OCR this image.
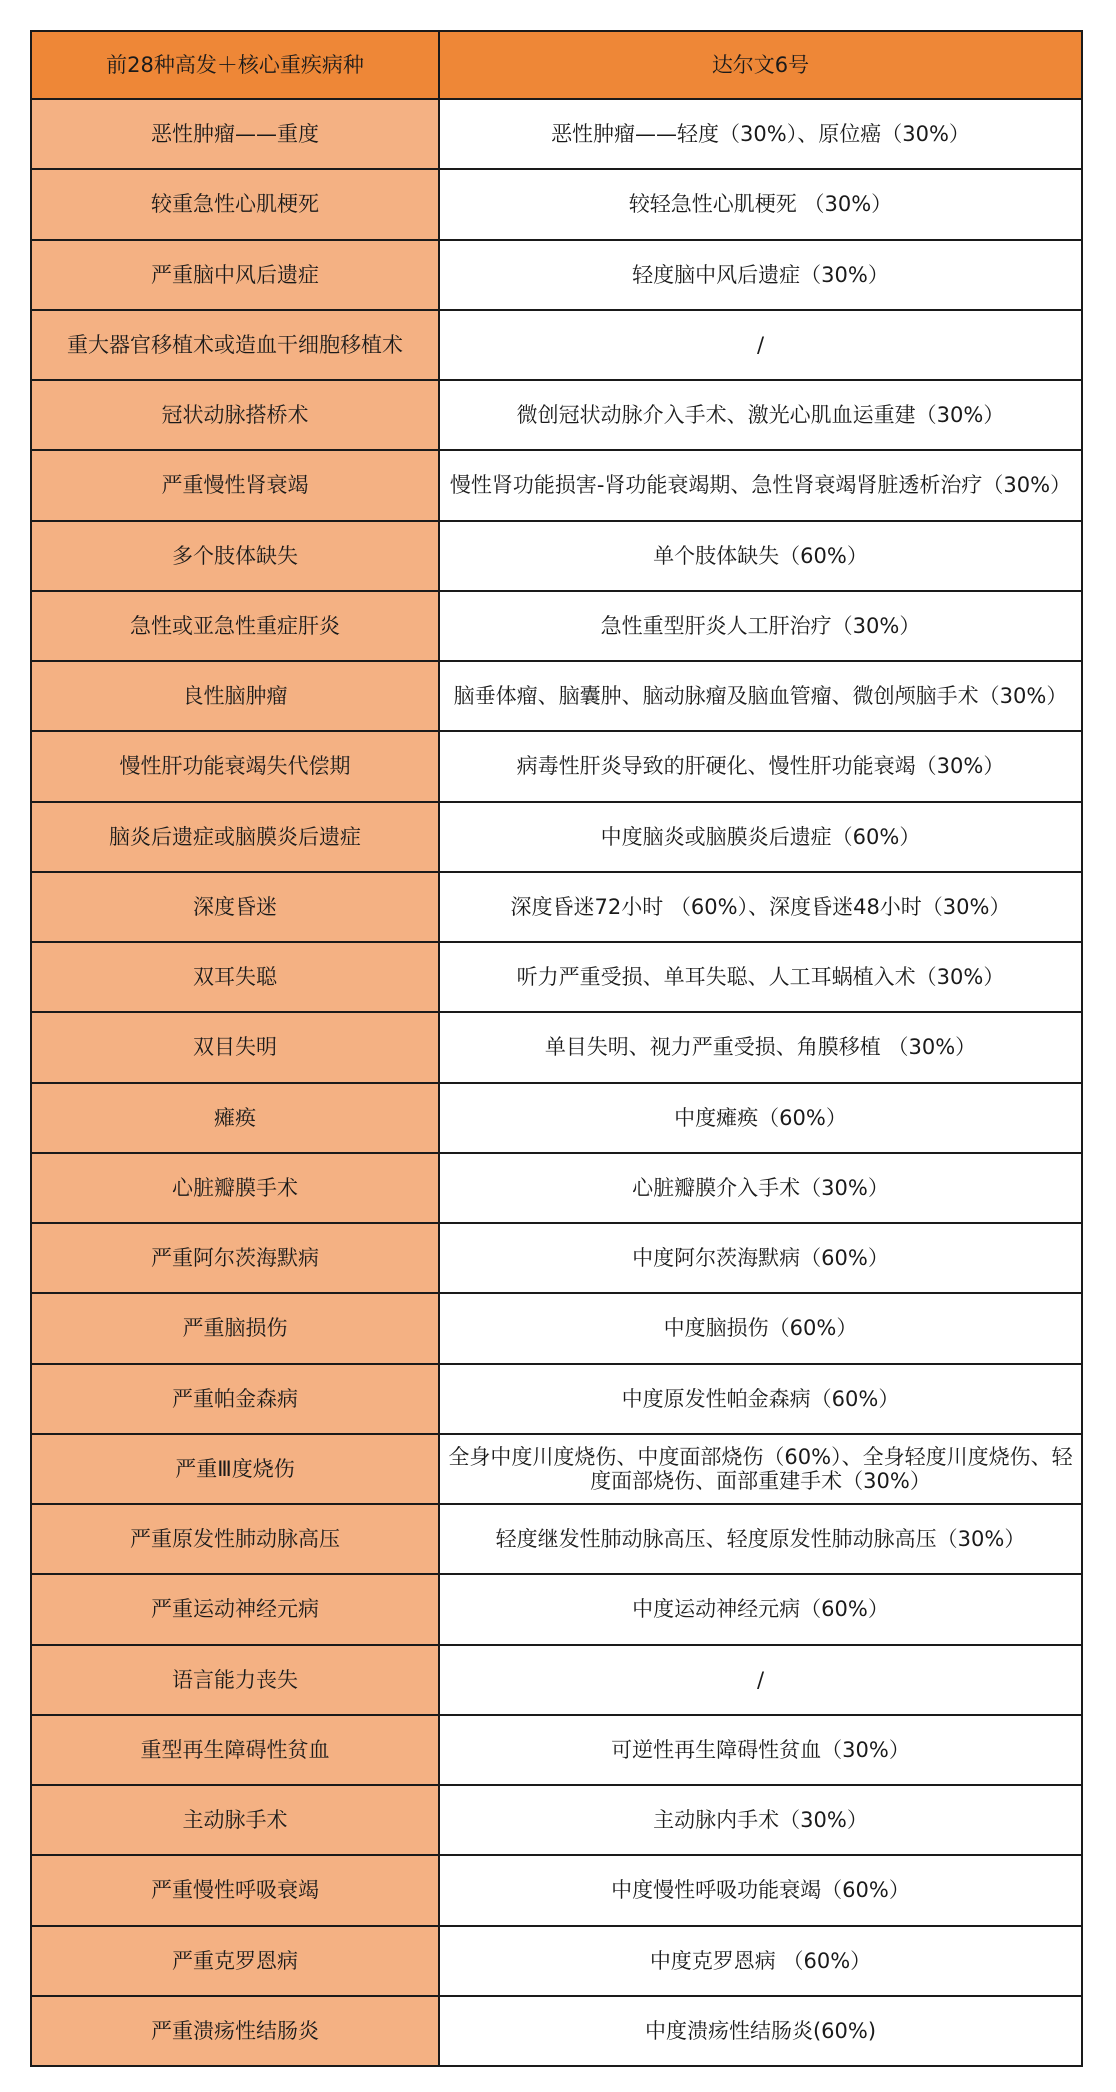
前28种高发＋核心重疾病种	达尔文6号
恶性肿瘤——重度	恶性肿瘤——轻度（30%）、原位癌（30%）
较重急性心肌梗死	较轻急性心肌梗死 （30%）
严重脑中风后遗症	轻度脑中风后遗症（30%）
重大器官移植术或造血干细胞移植术	/
冠状动脉搭桥术	微创冠状动脉介入手术、激光心肌血运重建（30%）
严重慢性肾衰竭	慢性肾功能损害-肾功能衰竭期、急性肾衰竭肾脏透析治疗（30%）
多个肢体缺失	单个肢体缺失（60%）
急性或亚急性重症肝炎	急性重型肝炎人工肝治疗（30%）
良性脑肿瘤	脑垂体瘤、脑囊肿、脑动脉瘤及脑血管瘤、微创颅脑手术（30%）
慢性肝功能衰竭失代偿期	病毒性肝炎导致的肝硬化、慢性肝功能衰竭（30%）
脑炎后遗症或脑膜炎后遗症	中度脑炎或脑膜炎后遗症（60%）
深度昏迷	深度昏迷72小时 （60%）、深度昏迷48小时（30%）
双耳失聪	听力严重受损、单耳失聪、人工耳蜗植入术（30%）
双目失明	单目失明、视力严重受损、角膜移植 （30%）
瘫痪	中度瘫痪（60%）
心脏瓣膜手术	心脏瓣膜介入手术（30%）
严重阿尔茨海默病	中度阿尔茨海默病（60%）
严重脑损伤	中度脑损伤（60%）
严重帕金森病	中度原发性帕金森病（60%）
严重Ⅲ度烧伤	全身中度川度烧伤、中度面部烧伤（60%）、全身轻度川度烧伤、轻度面部烧伤、面部重建手术（30%）
严重原发性肺动脉高压	轻度继发性肺动脉高压、轻度原发性肺动脉高压（30%）
严重运动神经元病	中度运动神经元病（60%）
语言能力丧失	/
重型再生障碍性贫血	可逆性再生障碍性贫血（30%）
主动脉手术	主动脉内手术（30%）
严重慢性呼吸衰竭	中度慢性呼吸功能衰竭（60%）
严重克罗恩病	中度克罗恩病 （60%）
严重溃疡性结肠炎	中度溃疡性结肠炎(60%)
